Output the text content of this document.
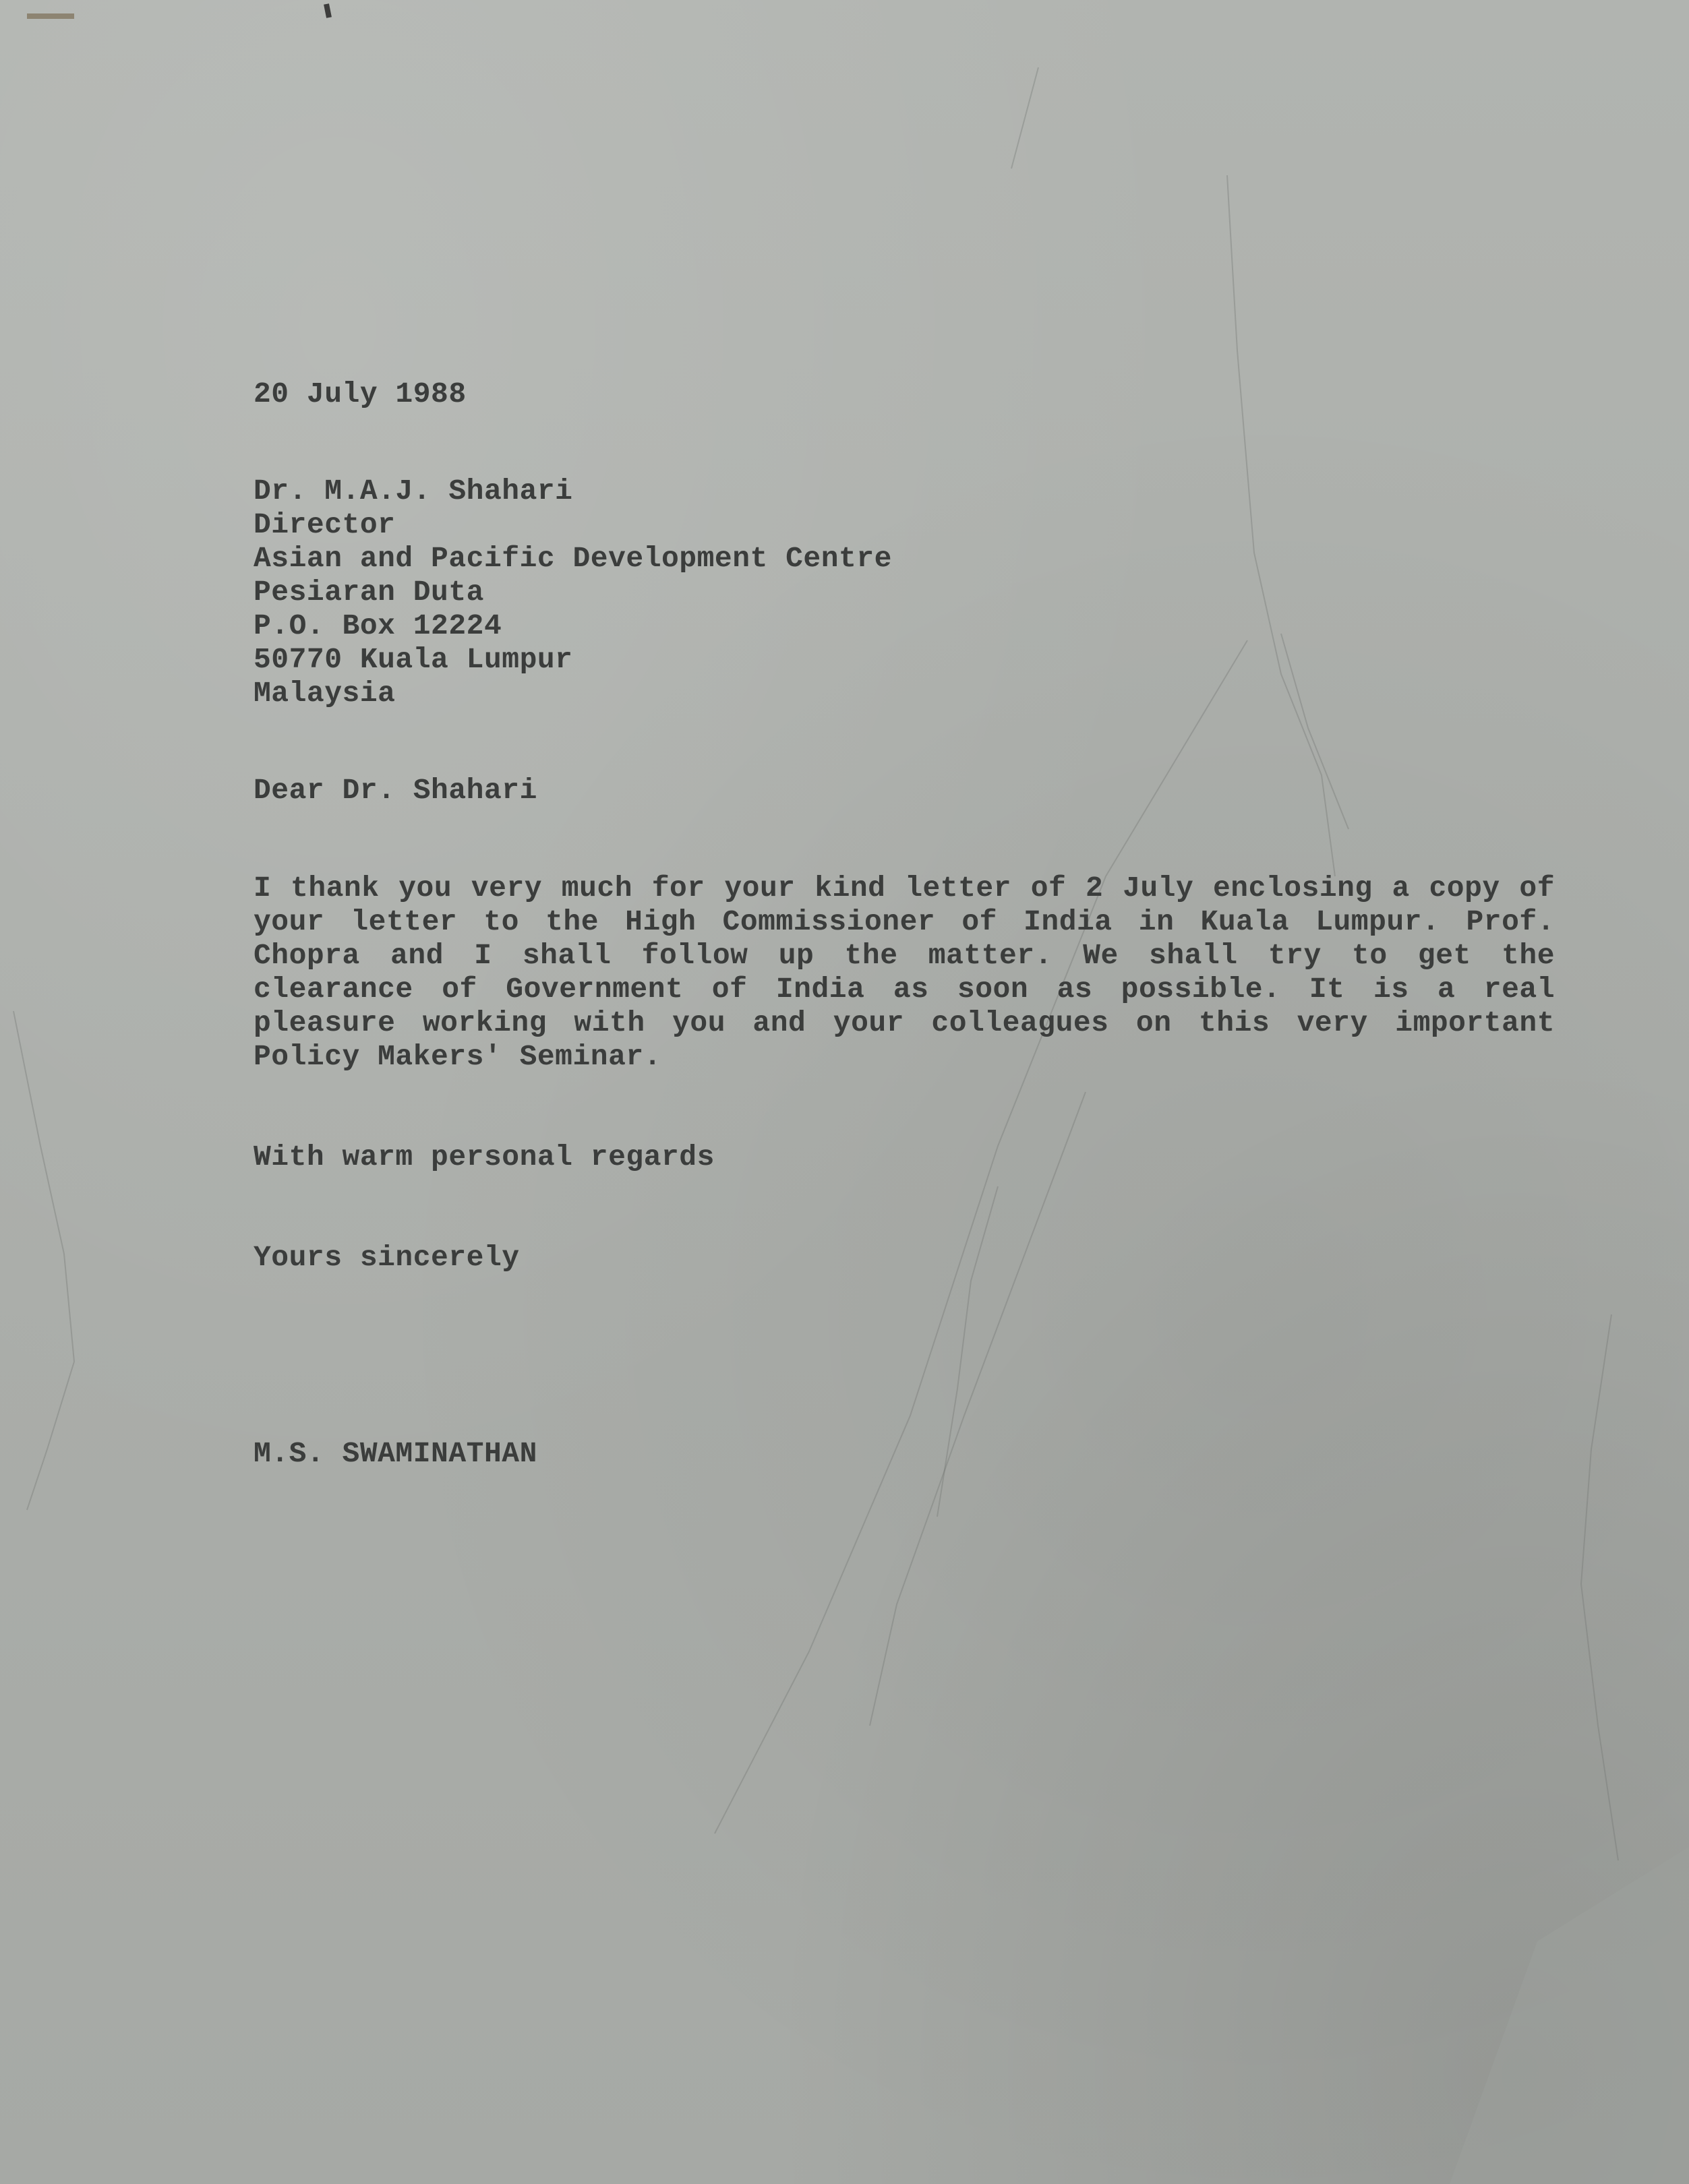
20 July 1988
Dr. M.A.J. Shahari
Director
Asian and Pacific Development Centre
Pesiaran Duta
P.O. Box 12224
50770 Kuala Lumpur
Malaysia
Dear Dr. Shahari
I thank you very much for your kind letter of 2 July enclosing a copy of your letter to the High Commissioner of India in Kuala Lumpur. Prof. Chopra and I shall follow up the matter. We shall try to get the clearance of Government of India as soon as possible. It is a real pleasure working with you and your colleagues on this very important Policy Makers' Seminar.
With warm personal regards
Yours sincerely
M.S. SWAMINATHAN
